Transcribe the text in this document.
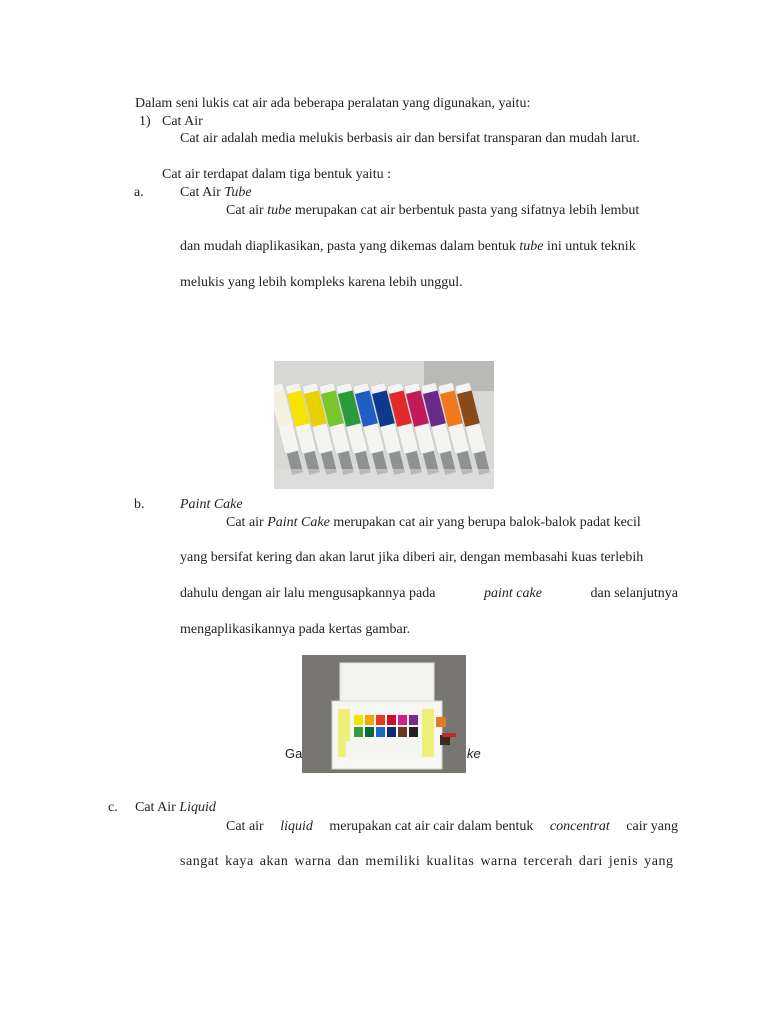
Dalam seni lukis cat air ada beberapa peralatan yang digunakan, yaitu:
1) Cat Air
Cat air adalah media melukis berbasis air dan bersifat transparan dan mudah larut.
Cat air terdapat dalam tiga bentuk yaitu :
a.	Cat Air Tube
Cat air tube merupakan cat air berbentuk pasta yang sifatnya lebih lembut
dan mudah diaplikasikan, pasta yang dikemas dalam bentuk tube ini untuk teknik
melukis yang lebih kompleks karena lebih unggul.
b.	Paint Cake
Cat air Paint Cake merupakan cat air yang berupa balok-balok padat kecil
yang bersifat kering dan akan larut jika diberi air, dengan membasahi kuas terlebih
dahulu dengan air lalu mengusapkannya pada	paint cake	dan selanjutnya
mengaplikasikannya pada kertas gambar.
Ga	ke
c. Cat Air Liquid
Cat air liquid merupakan cat air cair dalam bentuk concentrat cair yang
sangat kaya akan warna dan memiliki kualitas warna tercerah dari jenis yang
